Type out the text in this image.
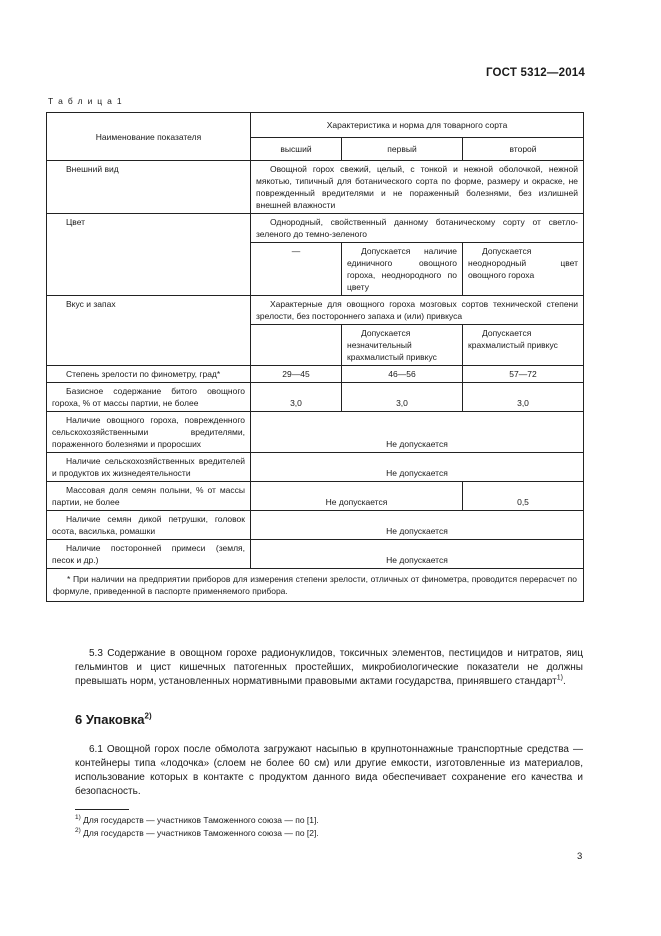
ГОСТ 5312—2014
Т а б л и ц а 1
Наименование показателя	Характеристика и норма для товарного сорта		
	высший	первый	второй
Внешний вид	Овощной горох свежий, целый, с тонкой и нежной оболочкой, нежной мякотью, типичный для ботанического сорта по форме, размеру и окраске, не поврежденный вредителями и не пораженный болезнями, без излишней внешней влажности		
Цвет	Однородный, свойственный данному ботаническому сорту от светло-зеленого до темно-зеленого		
	—	Допускается наличие единичного овощного гороха, неоднородного по цвету	Допускается неоднородный цвет овощного гороха
Вкус и запах	Характерные для овощного гороха мозговых сортов технической степени зрелости, без постороннего запаха и (или) привкуса		
		Допускается незначительный крахмалистый привкус	Допускается крахмалистый привкус
Степень зрелости по финометру, град*	29—45	46—56	57—72
Базисное содержание битого овощного гороха, % от массы партии, не более	3,0	3,0	3,0
Наличие овощного гороха, поврежденного сельскохозяйственными вредителями, пораженного болезнями и проросших	Не допускается		
Наличие сельскохозяйственных вредителей и продуктов их жизнедеятельности	Не допускается		
Массовая доля семян полыни, % от массы партии, не более	Не допускается		0,5
Наличие семян дикой петрушки, головок осота, василька, ромашки	Не допускается		
Наличие посторонней примеси (земля, песок и др.)	Не допускается		
* При наличии на предприятии приборов для измерения степени зрелости, отличных от финометра, проводится перерасчет по формуле, приведенной в паспорте применяемого прибора.			
5.3 Содержание в овощном горохе радионуклидов, токсичных элементов, пестицидов и нитратов, яиц гельминтов и цист кишечных патогенных простейших, микробиологические показатели не должны превышать норм, установленных нормативными правовыми актами государства, принявшего стандарт$^{1)}$.
6 Упаковка$^{2)}$
6.1 Овощной горох после обмолота загружают насыпью в крупнотоннажные транспортные средства — контейнеры типа «лодочка» (слоем не более 60 см) или другие емкости, изготовленные из материалов, использование которых в контакте с продуктом данного вида обеспечивает сохранение его качества и безопасность.
$^{1)}$ Для государств — участников Таможенного союза — по [1].
$^{2)}$ Для государств — участников Таможенного союза — по [2].
3
